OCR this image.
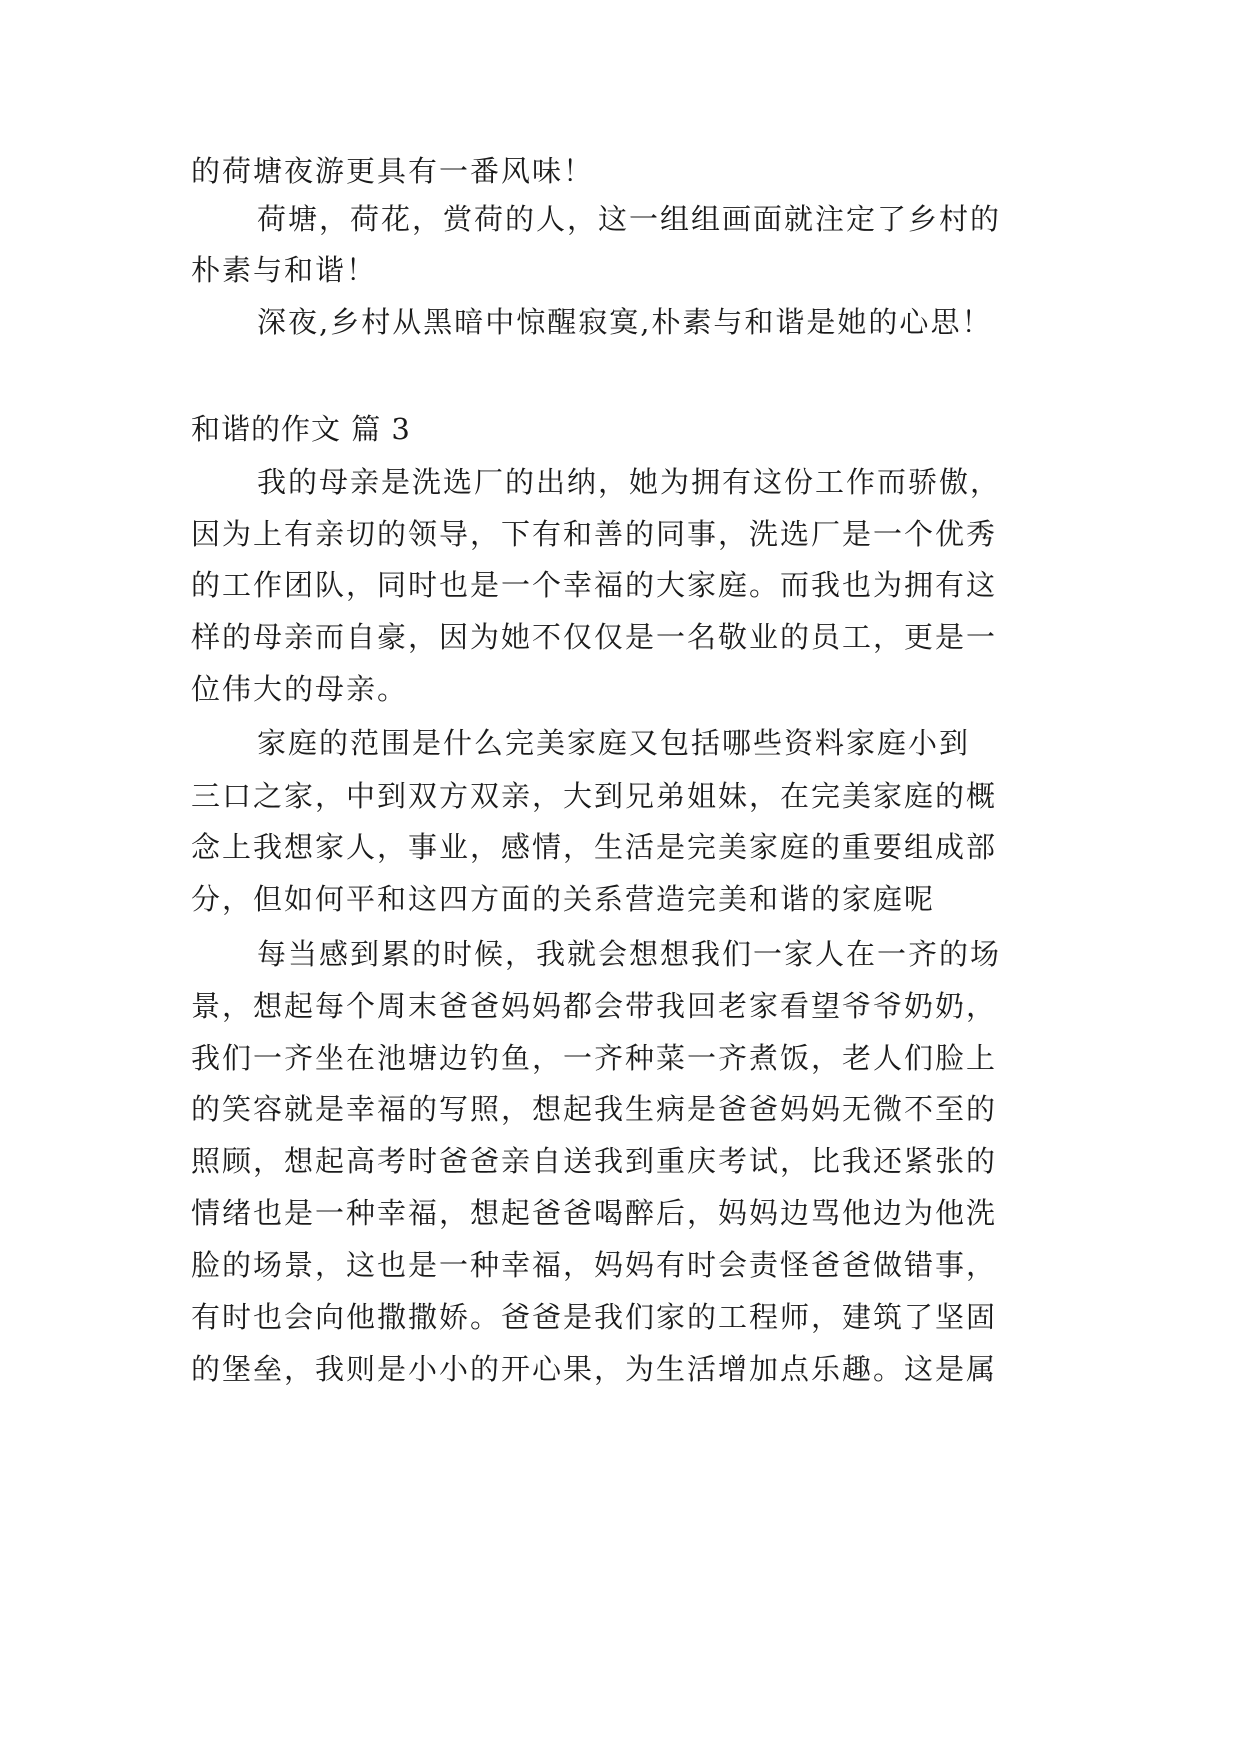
的荷塘夜游更具有一番风味！
荷塘，荷花，赏荷的人，这一组组画面就注定了乡村的
朴素与和谐！
深夜,乡村从黑暗中惊醒寂寞,朴素与和谐是她的心思！
和谐的作文 篇 3
我的母亲是洗选厂的出纳，她为拥有这份工作而骄傲，
因为上有亲切的领导，下有和善的同事，洗选厂是一个优秀
的工作团队，同时也是一个幸福的大家庭。而我也为拥有这
样的母亲而自豪，因为她不仅仅是一名敬业的员工，更是一
位伟大的母亲。
家庭的范围是什么完美家庭又包括哪些资料家庭小到
三口之家，中到双方双亲，大到兄弟姐妹，在完美家庭的概
念上我想家人，事业，感情，生活是完美家庭的重要组成部
分，但如何平和这四方面的关系营造完美和谐的家庭呢
每当感到累的时候，我就会想想我们一家人在一齐的场
景，想起每个周末爸爸妈妈都会带我回老家看望爷爷奶奶，
我们一齐坐在池塘边钓鱼，一齐种菜一齐煮饭，老人们脸上
的笑容就是幸福的写照，想起我生病是爸爸妈妈无微不至的
照顾，想起高考时爸爸亲自送我到重庆考试，比我还紧张的
情绪也是一种幸福，想起爸爸喝醉后，妈妈边骂他边为他洗
脸的场景，这也是一种幸福，妈妈有时会责怪爸爸做错事，
有时也会向他撒撒娇。爸爸是我们家的工程师，建筑了坚固
的堡垒，我则是小小的开心果，为生活增加点乐趣。这是属
